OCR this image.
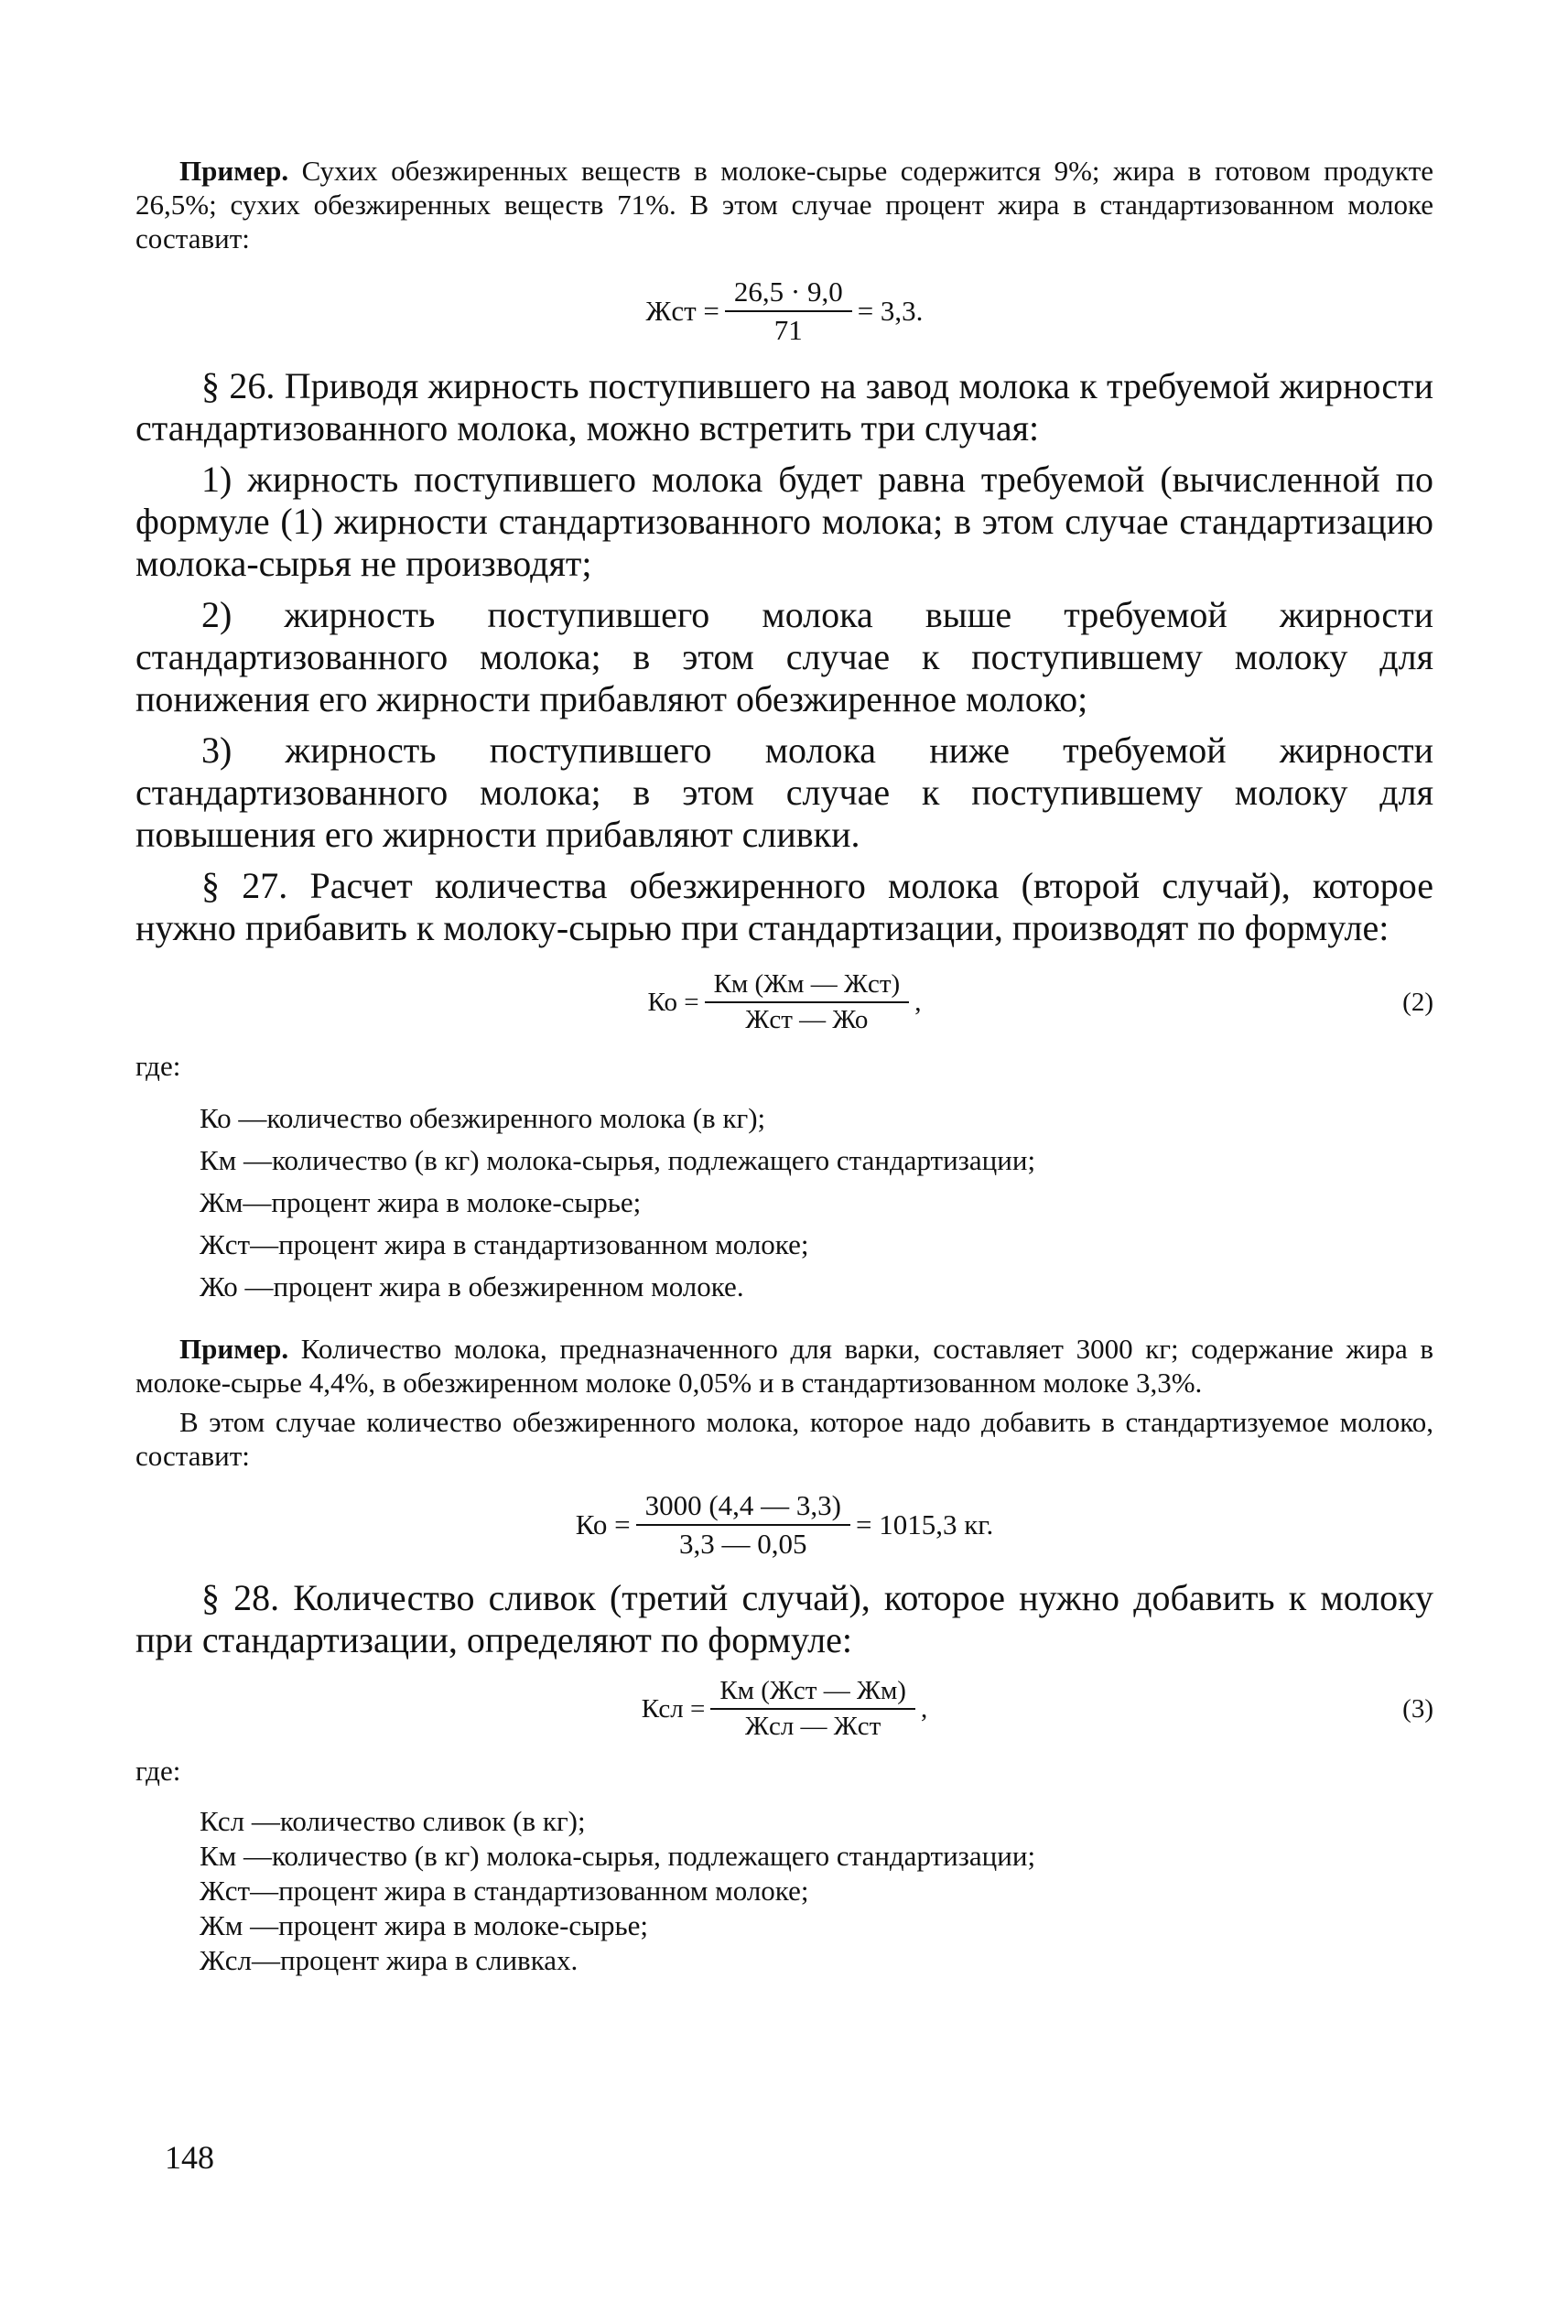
Пример. Сухих обезжиренных веществ в молоке-сырье содержится 9%; жира в готовом продукте 26,5%; сухих обезжиренных веществ 71%. В этом случае процент жира в стандартизованном молоке составит:

Жст = $\frac{26,5 \cdot 9,0}{71} = 3,3$.

§ 26. Приводя жирность поступившего на завод молока к требуемой жирности стандартизованного молока, можно встретить три случая:

1) жирность поступившего молока будет равна требуемой (вычисленной по формуле (1) жирности стандартизованного молока; в этом случае стандартизацию молока-сырья не производят;

2) жирность поступившего молока выше требуемой жирности стандартизованного молока; в этом случае к поступившему молоку для понижения его жирности прибавляют обезжиренное молоко;

3) жирность поступившего молока ниже требуемой жирности стандартизованного молока; в этом случае к поступившему молоку для повышения его жирности прибавляют сливки.

§ 27. Расчет количества обезжиренного молока (второй случай), которое нужно прибавить к молоку-сырью при стандартизации, производят по формуле:

Ко = $\frac{\text{Км (Жм — Жст)}}{\text{Жст — Жо}}$ ,	(2)

где:

Ко —количество обезжиренного молока (в кг);
Км —количество (в кг) молока-сырья, подлежащего стандартизации;
Жм—процент жира в молоке-сырье;
Жст—процент жира в стандартизованном молоке;
Жо —процент жира в обезжиренном молоке.

Пример. Количество молока, предназначенного для варки, составляет 3000 кг; содержание жира в молоке-сырье 4,4%, в обезжиренном молоке 0,05% и в стандартизованном молоке 3,3%.

В этом случае количество обезжиренного молока, которое надо добавить в стандартизуемое молоко, составит:

Ко = $\frac{3000 (4,4 — 3,3)}{3,3 — 0,05} = 1015,3$ кг.

§ 28. Количество сливок (третий случай), которое нужно добавить к молоку при стандартизации, определяют по формуле:

Ксл = $\frac{\text{Км (Жст — Жм)}}{\text{Жсл — Жст}}$ ,	(3)

где:

Ксл —количество сливок (в кг);
Км —количество (в кг) молока-сырья, подлежащего стандартизации;
Жст—процент жира в стандартизованном молоке;
Жм —процент жира в молоке-сырье;
Жсл—процент жира в сливках.
148
